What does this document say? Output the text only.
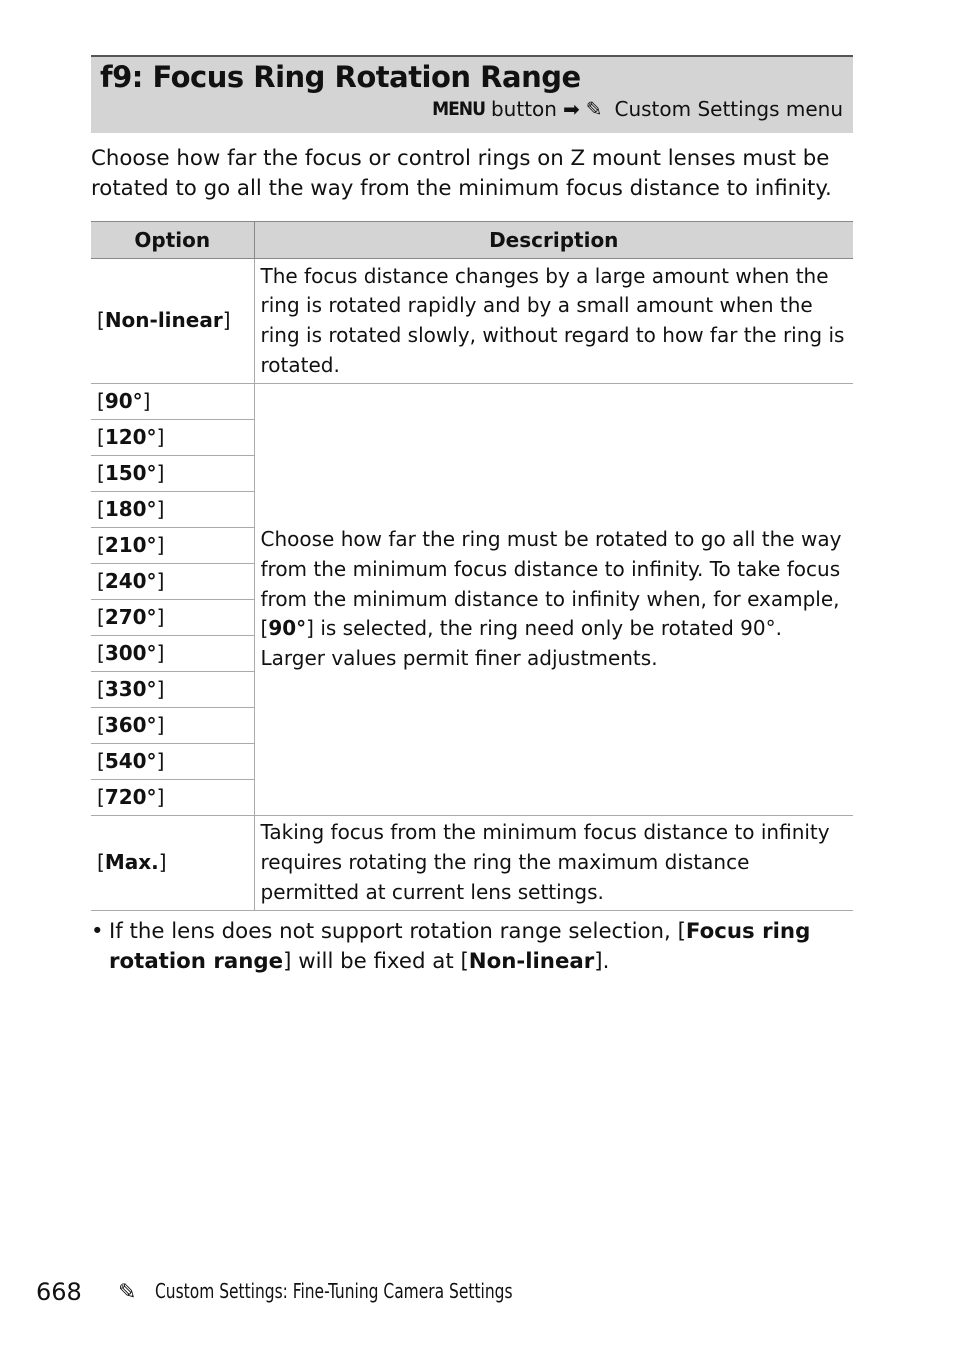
f9: Focus Ring Rotation Range
MENU button ➡ ✎ Custom Settings menu
Choose how far the focus or control rings on Z mount lenses must be rotated to go all the way from the minimum focus distance to infinity.
Option	Description
[Non-linear]	The focus distance changes by a large amount when the ring is rotated rapidly and by a small amount when the ring is rotated slowly, without regard to how far the ring is rotated.
[90°]	Choose how far the ring must be rotated to go all the way from the minimum focus distance to infinity. To take focus from the minimum distance to infinity when, for example, [90°] is selected, the ring need only be rotated 90°. Larger values permit finer adjustments.
[120°]	
[150°]	
[180°]	
[210°]	
[240°]	
[270°]	
[300°]	
[330°]	
[360°]	
[540°]	
[720°]	
[Max.]	Taking focus from the minimum focus distance to infinity requires rotating the ring the maximum distance permitted at current lens settings.
• If the lens does not support rotation range selection, [Focus ring rotation range] will be fixed at [Non-linear].
668 ✎ Custom Settings: Fine-Tuning Camera Settings
